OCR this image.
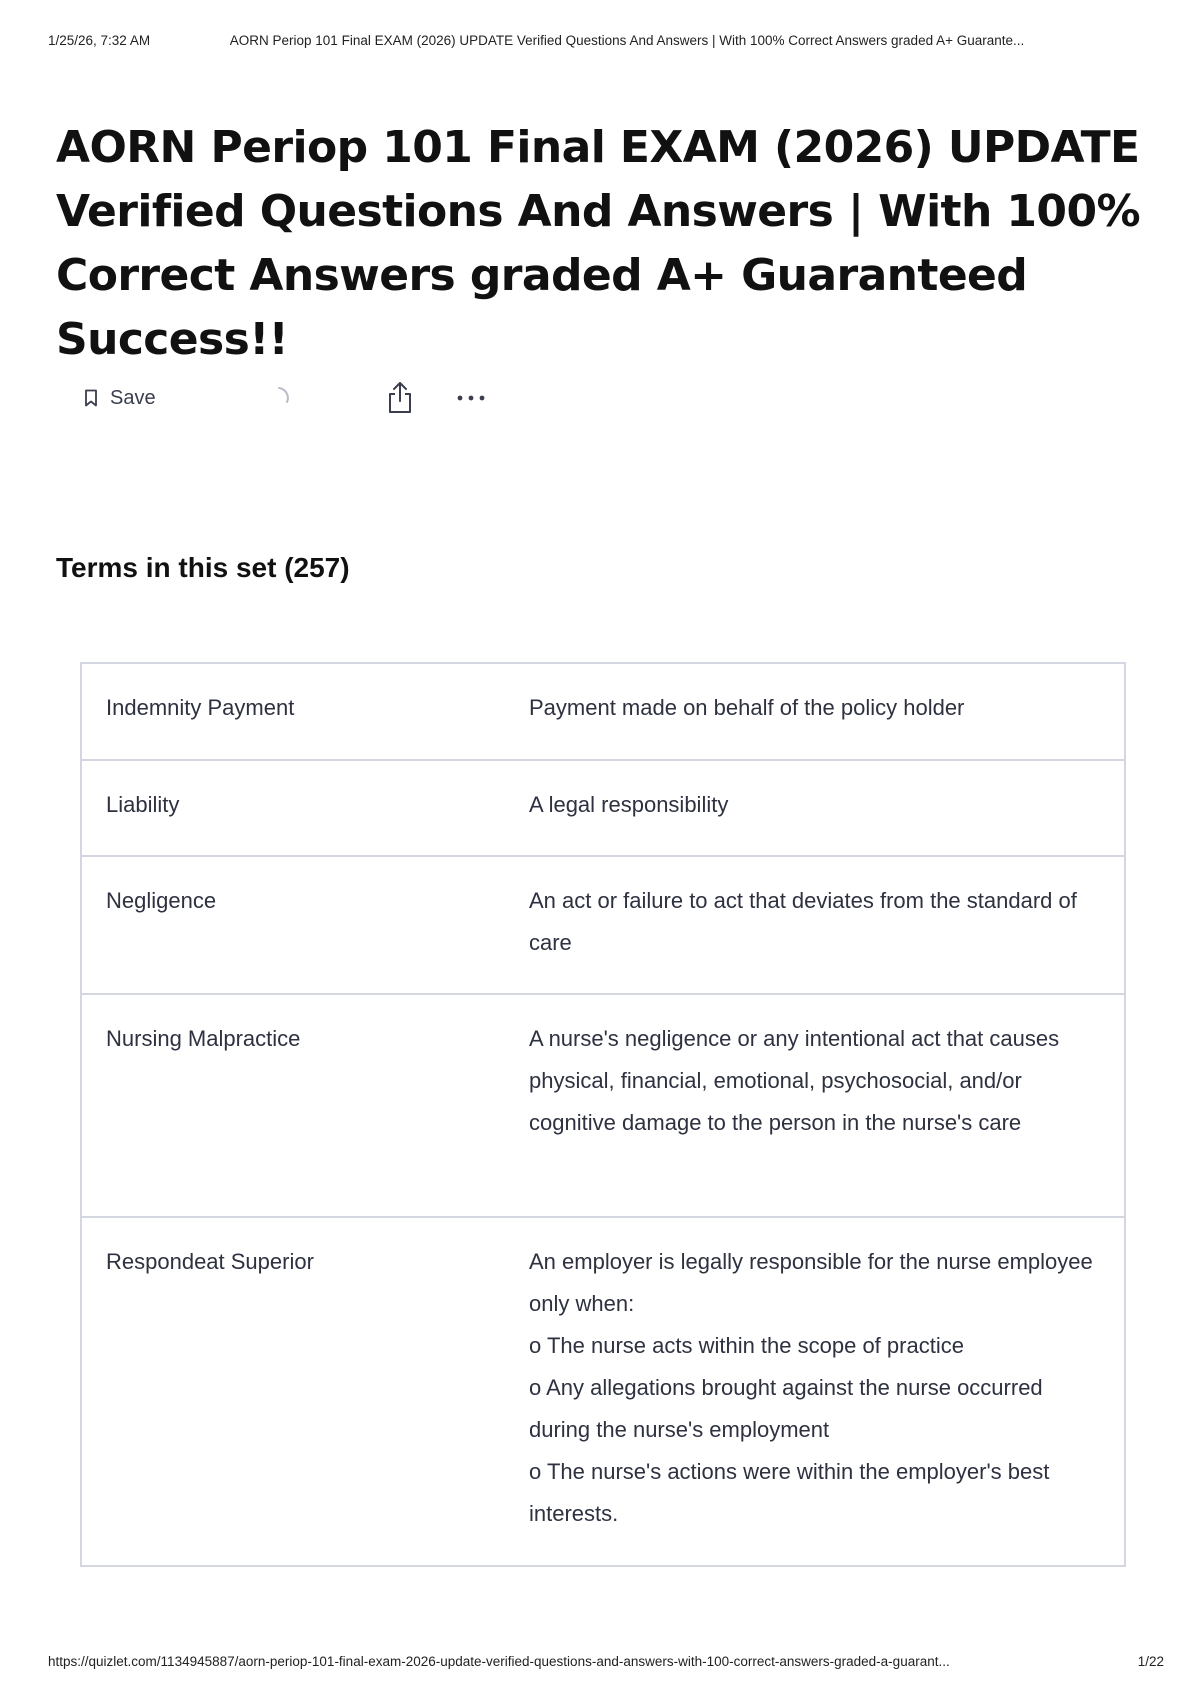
1/25/26, 7:32 AM	AORN Periop 101 Final EXAM (2026) UPDATE Verified Questions And Answers | With 100% Correct Answers graded A+ Guarante...
AORN Periop 101 Final EXAM (2026) UPDATE Verified Questions And Answers | With 100% Correct Answers graded A+ Guaranteed Success!!
Save
Terms in this set (257)
Indemnity Payment	Payment made on behalf of the policy holder
Liability	A legal responsibility
Negligence	An act or failure to act that deviates from the standard of care
Nursing Malpractice	A nurse's negligence or any intentional act that causes physical, financial, emotional, psychosocial, and/or cognitive damage to the person in the nurse's care
Respondeat Superior	An employer is legally responsible for the nurse employee only when:
o The nurse acts within the scope of practice
o Any allegations brought against the nurse occurred during the nurse's employment
o The nurse's actions were within the employer's best interests.
https://quizlet.com/1134945887/aorn-periop-101-final-exam-2026-update-verified-questions-and-answers-with-100-correct-answers-graded-a-guarant...	1/22
